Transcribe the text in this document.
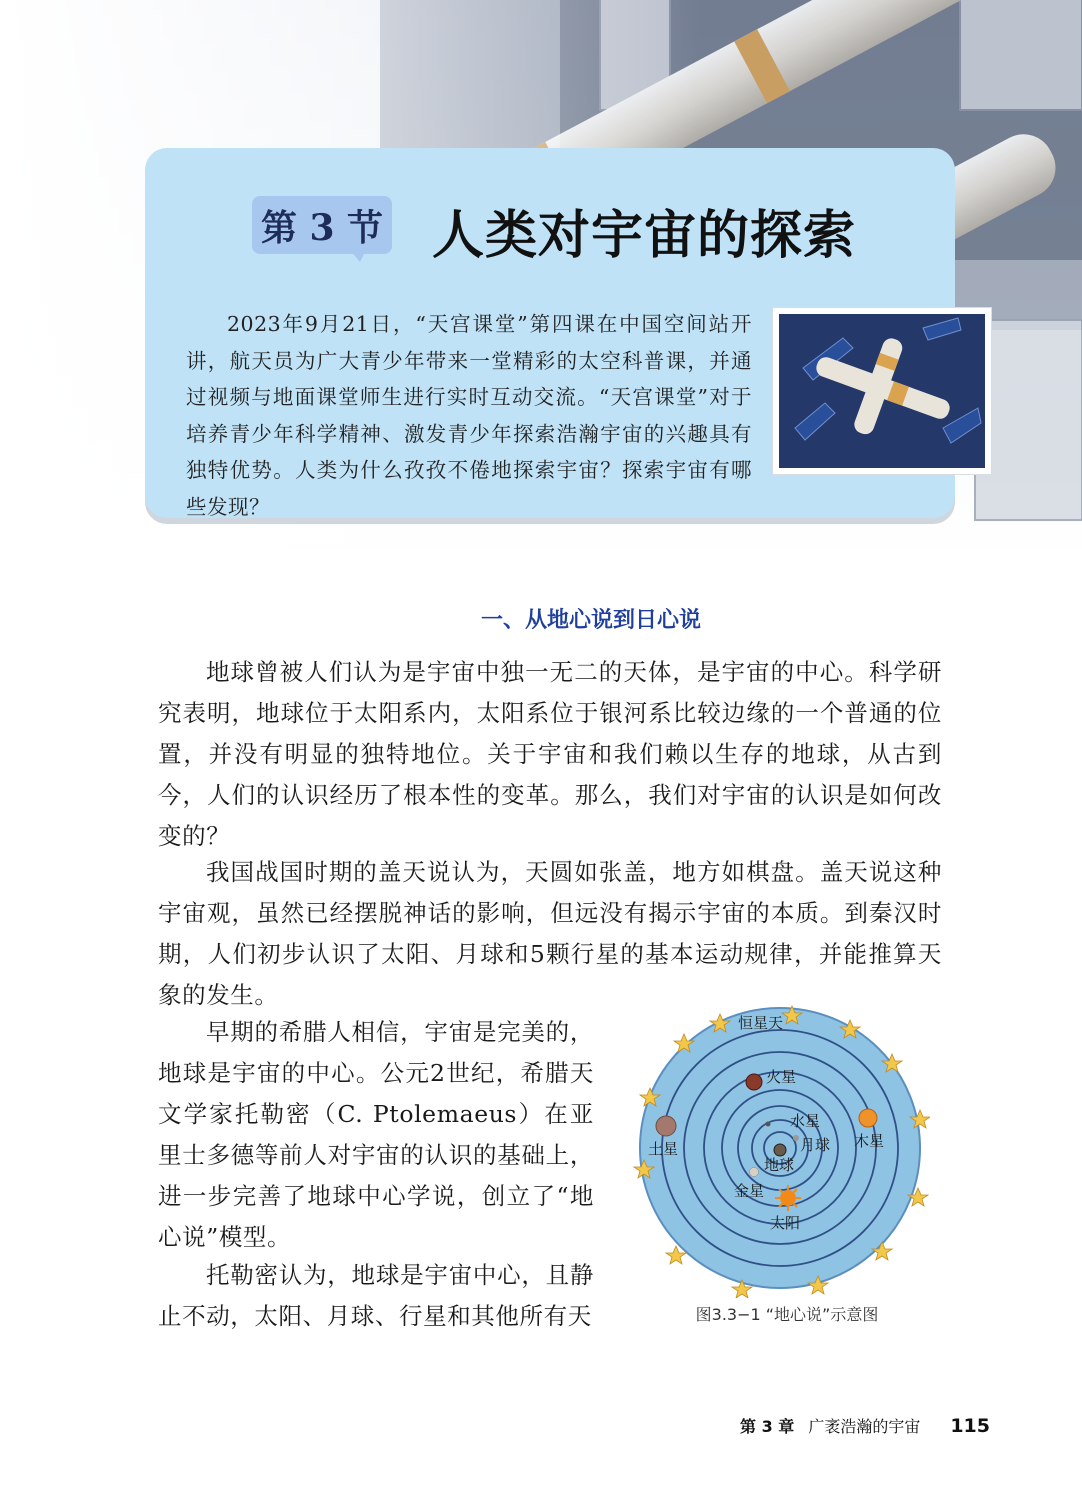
第 3 节 人类对宇宙的探索
2023年9月21日，“天宫课堂”第四课在中国空间站开讲，航天员为广大青少年带来一堂精彩的太空科普课，并通过视频与地面课堂师生进行实时互动交流。“天宫课堂”对于培养青少年科学精神、激发青少年探索浩瀚宇宙的兴趣具有独特优势。人类为什么孜孜不倦地探索宇宙？探索宇宙有哪些发现？
一、从地心说到日心说

地球曾被人们认为是宇宙中独一无二的天体，是宇宙的中心。科学研究表明，地球位于太阳系内，太阳系位于银河系比较边缘的一个普通的位置，并没有明显的独特地位。关于宇宙和我们赖以生存的地球，从古到今，人们的认识经历了根本性的变革。那么，我们对宇宙的认识是如何改变的？

我国战国时期的盖天说认为，天圆如张盖，地方如棋盘。盖天说这种宇宙观，虽然已经摆脱神话的影响，但远没有揭示宇宙的本质。到秦汉时期，人们初步认识了太阳、月球和5颗行星的基本运动规律，并能推算天象的发生。

早期的希腊人相信，宇宙是完美的，地球是宇宙的中心。公元2世纪，希腊天文学家托勒密（C. Ptolemaeus）在亚里士多德等前人对宇宙的认识的基础上，进一步完善了地球中心学说，创立了“地心说”模型。

托勒密认为，地球是宇宙中心，且静止不动，太阳、月球、行星和其他所有天

恒星天
火星
水星
月球
地球
土星	木星
金星
太阳
图3.3−1 “地心说”示意图
第 3 章 广袤浩瀚的宇宙 115
